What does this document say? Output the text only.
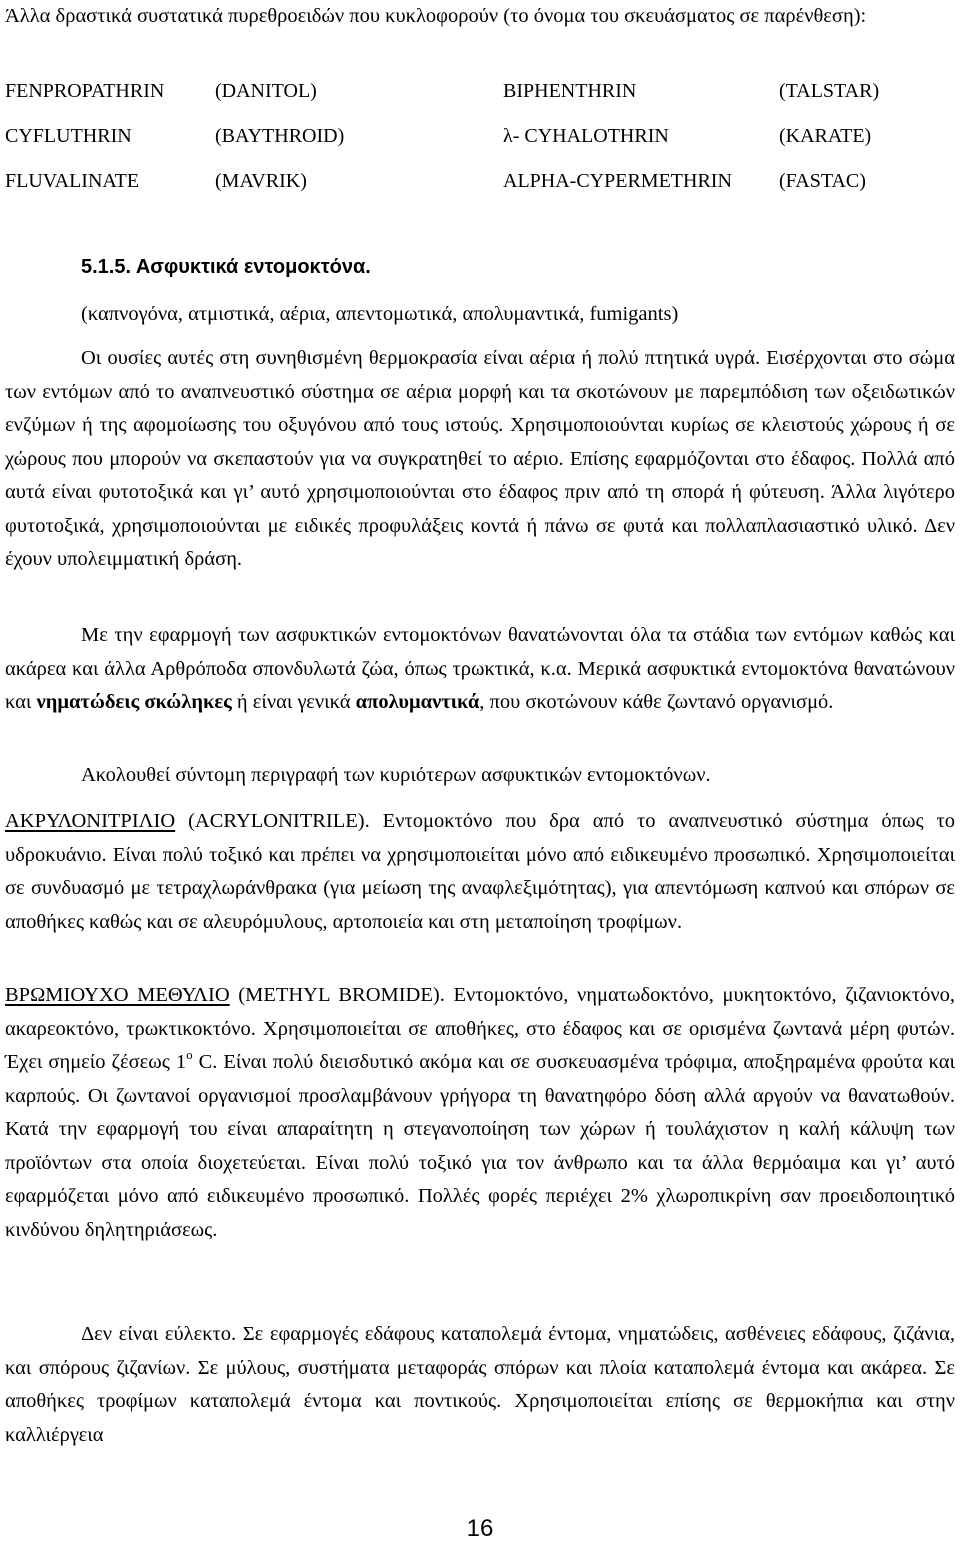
Άλλα δραστικά συστατικά πυρεθροειδών που κυκλοφορούν (το όνομα του σκευάσματος σε παρένθεση):

FENPROPATHRIN	(DANITOL)	BIPHENTHRIN	(TALSTAR)
CYFLUTHRIN	(BAYTHROID)	λ- CYHALOTHRIN	(KARATE)
FLUVALINATE	(MAVRIK)	ALPHA-CYPERMETHRIN (FASTAC)
5.1.5. Ασφυκτικά εντομοκτόνα.
(καπνογόνα, ατμιστικά, αέρια, απεντομωτικά, απολυμαντικά, fumigants)

Οι ουσίες αυτές στη συνηθισμένη θερμοκρασία είναι αέρια ή πολύ πτητικά υγρά. Εισέρχονται στο σώμα των εντόμων από το αναπνευστικό σύστημα σε αέρια μορφή και τα σκοτώνουν με παρεμπόδιση των οξειδωτικών ενζύμων ή της αφομοίωσης του οξυγόνου από τους ιστούς. Χρησιμοποιούνται κυρίως σε κλειστούς χώρους ή σε χώρους που μπορούν να σκεπαστούν για να συγκρατηθεί το αέριο. Επίσης εφαρμόζονται στο έδαφος. Πολλά από αυτά είναι φυτοτοξικά και γι’ αυτό χρησιμοποιούνται στο έδαφος πριν από τη σπορά ή φύτευση. Άλλα λιγότερο φυτοτοξικά, χρησιμοποιούνται με ειδικές προφυλάξεις κοντά ή πάνω σε φυτά και πολλαπλασιαστικό υλικό. Δεν έχουν υπολειμματική δράση.

Με την εφαρμογή των ασφυκτικών εντομοκτόνων θανατώνονται όλα τα στάδια των εντόμων καθώς και ακάρεα και άλλα Αρθρόποδα σπονδυλωτά ζώα, όπως τρωκτικά, κ.α. Μερικά ασφυκτικά εντομοκτόνα θανατώνουν και νηματώδεις σκώληκες ή είναι γενικά απολυμαντικά, που σκοτώνουν κάθε ζωντανό οργανισμό.

Ακολουθεί σύντομη περιγραφή των κυριότερων ασφυκτικών εντομοκτόνων.

ΑΚΡΥΛΟΝΙΤΡΙΛΙΟ (ACRYLONITRILE). Εντομοκτόνο που δρα από το αναπνευστικό σύστημα όπως το υδροκυάνιο. Είναι πολύ τοξικό και πρέπει να χρησιμοποιείται μόνο από ειδικευμένο προσωπικό. Χρησιμοποιείται σε συνδυασμό με τετραχλωράνθρακα (για μείωση της αναφλεξιμότητας), για απεντόμωση καπνού και σπόρων σε αποθήκες καθώς και σε αλευρόμυλους, αρτοποιεία και στη μεταποίηση τροφίμων.

ΒΡΩΜΙΟΥΧΟ ΜΕΘΥΛΙΟ (METHYL BROMIDE). Εντομοκτόνο, νηματωδοκτόνο, μυκητοκτόνο, ζιζανιοκτόνο, ακαρεοκτόνο, τρωκτικοκτόνο. Χρησιμοποιείται σε αποθήκες, στο έδαφος και σε ορισμένα ζωντανά μέρη φυτών. Έχει σημείο ζέσεως $1^o$ C. Είναι πολύ διεισδυτικό ακόμα και σε συσκευασμένα τρόφιμα, αποξηραμένα φρούτα και καρπούς. Οι ζωντανοί οργανισμοί προσλαμβάνουν γρήγορα τη θανατηφόρο δόση αλλά αργούν να θανατωθούν. Κατά την εφαρμογή του είναι απαραίτητη η στεγανοποίηση των χώρων ή τουλάχιστον η καλή κάλυψη των προϊόντων στα οποία διοχετεύεται. Είναι πολύ τοξικό για τον άνθρωπο και τα άλλα θερμόαιμα και γι’ αυτό εφαρμόζεται μόνο από ειδικευμένο προσωπικό. Πολλές φορές περιέχει 2% χλωροπικρίνη σαν προειδοποιητικό κινδύνου δηλητηριάσεως.

Δεν είναι εύλεκτο. Σε εφαρμογές εδάφους καταπολεμά έντομα, νηματώδεις, ασθένειες εδάφους, ζιζάνια, και σπόρους ζιζανίων. Σε μύλους, συστήματα μεταφοράς σπόρων και πλοία καταπολεμά έντομα και ακάρεα. Σε αποθήκες τροφίμων καταπολεμά έντομα και ποντικούς. Χρησιμοποιείται επίσης σε θερμοκήπια και στην καλλιέργεια

16
